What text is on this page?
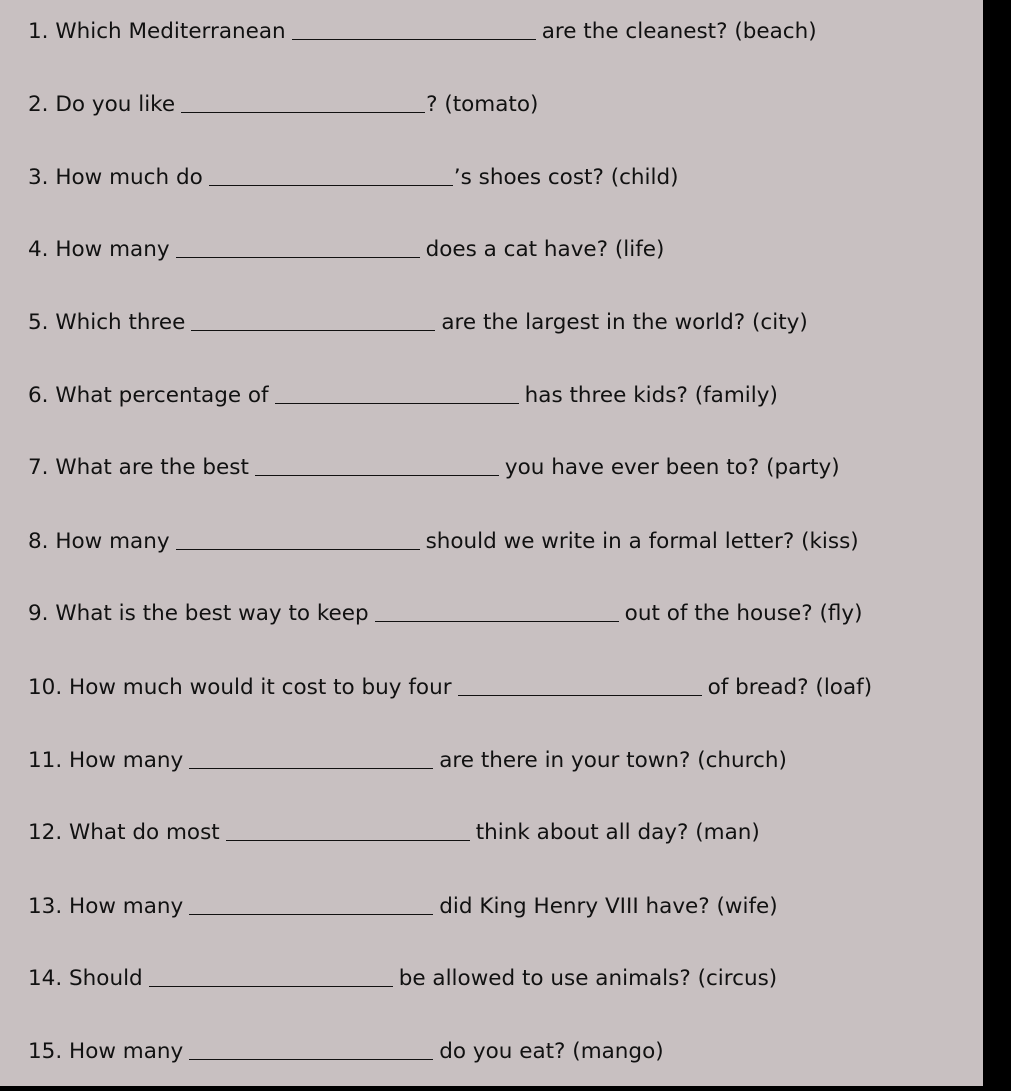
1. Which Mediterranean	are the cleanest? (beach)
2. Do you like	? (tomato)
3. How much do	’s shoes cost? (child)
4. How many	does a cat have? (life)
5. Which three	are the largest in the world? (city)
6. What percentage of	has three kids? (family)
7. What are the best	you have ever been to? (party)
8. How many	should we write in a formal letter? (kiss)
9. What is the best way to keep	out of the house? (fly)
10. How much would it cost to buy four	of bread? (loaf)
11. How many	are there in your town? (church)
12. What do most	think about all day? (man)
13. How many	did King Henry VIII have? (wife)
14. Should	be allowed to use animals? (circus)
15. How many	do you eat? (mango)
